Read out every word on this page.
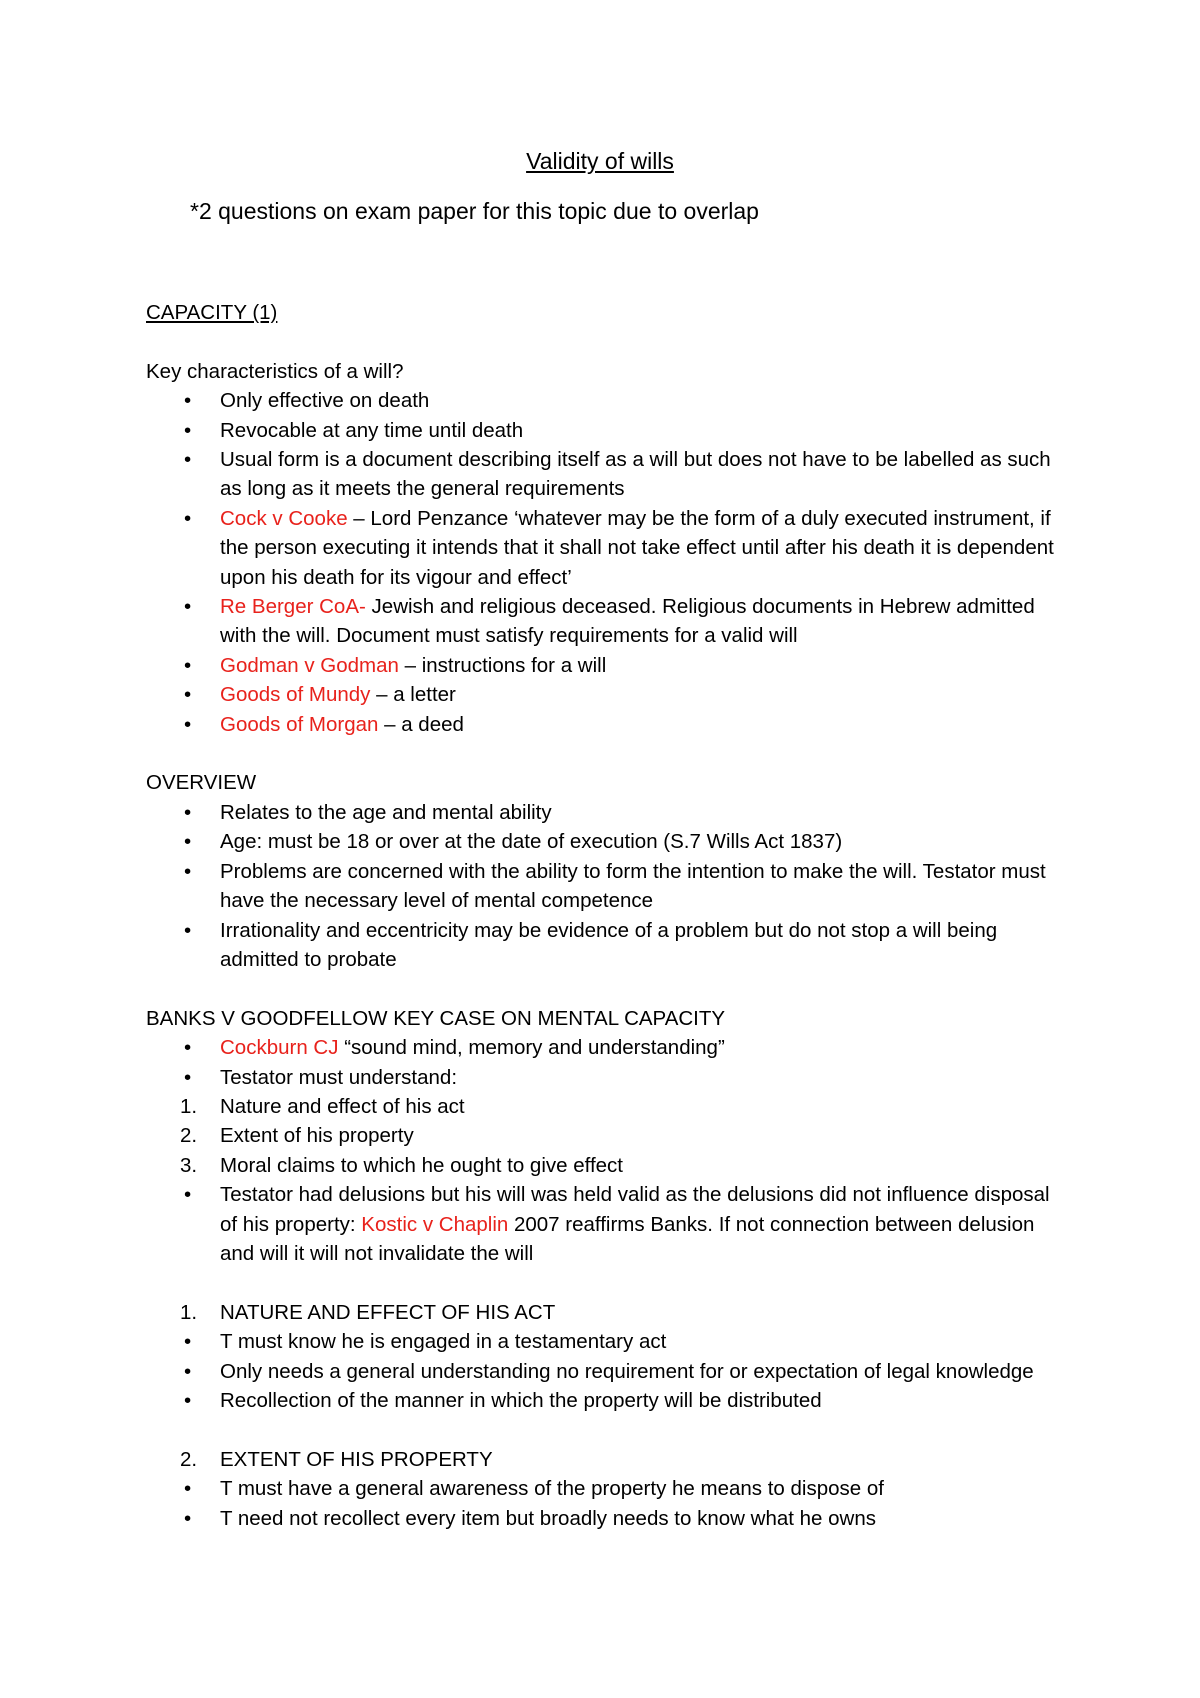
Validity of wills
*2 questions on exam paper for this topic due to overlap

CAPACITY (1)

Key characteristics of a will?

• Only effective on death
• Revocable at any time until death
• Usual form is a document describing itself as a will but does not have to be labelled as such as long as it meets the general requirements
• Cock v Cooke – Lord Penzance ‘whatever may be the form of a duly executed instrument, if the person executing it intends that it shall not take effect until after his death it is dependent upon his death for its vigour and effect’
• Re Berger CoA- Jewish and religious deceased. Religious documents in Hebrew admitted with the will. Document must satisfy requirements for a valid will
• Godman v Godman – instructions for a will
• Goods of Mundy – a letter
• Goods of Morgan – a deed

OVERVIEW

• Relates to the age and mental ability
• Age: must be 18 or over at the date of execution (S.7 Wills Act 1837)
• Problems are concerned with the ability to form the intention to make the will. Testator must have the necessary level of mental competence
• Irrationality and eccentricity may be evidence of a problem but do not stop a will being admitted to probate

BANKS V GOODFELLOW KEY CASE ON MENTAL CAPACITY

• Cockburn CJ “sound mind, memory and understanding”
• Testator must understand:
1. Nature and effect of his act
2. Extent of his property
3. Moral claims to which he ought to give effect
• Testator had delusions but his will was held valid as the delusions did not influence disposal of his property: Kostic v Chaplin 2007 reaffirms Banks. If not connection between delusion and will it will not invalidate the will
1. NATURE AND EFFECT OF HIS ACT
• T must know he is engaged in a testamentary act
• Only needs a general understanding no requirement for or expectation of legal knowledge
• Recollection of the manner in which the property will be distributed
2. EXTENT OF HIS PROPERTY
• T must have a general awareness of the property he means to dispose of
• T need not recollect every item but broadly needs to know what he owns
